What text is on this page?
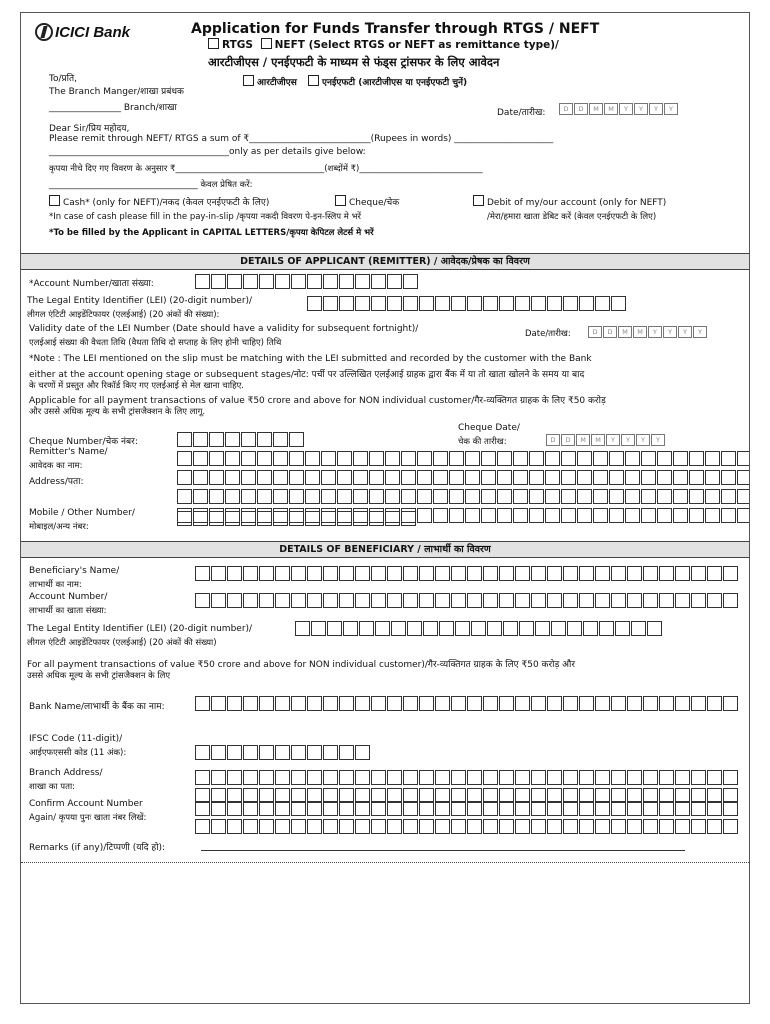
ICICI Bank	Application for Funds Transfer through RTGS / NEFT
RTGS NEFT (Select RTGS or NEFT as remittance type)/
आरटीजीएस / एनईएफटी के माध्यम से फंड्स ट्रांसफर के लिए आवेदन
To/प्रति,
The Branch Manger/शाखा प्रबंधक
आरटीजीएस	एनईएफटी (आरटीजीएस या एनईएफटी चुनें)
________________ Branch/शाखा	Date/तारीख:	D	D	M	M	Y	Y	Y	Y
Dear Sir/प्रिय महोदय,
Please remit through NEFT/ RTGS a sum of ₹___________________________(Rupees in words) ______________________
________________________________________only as per details give below:
कृपया नीचे दिए गए विवरण के अनुसार ₹___________________________________(शब्दोंमें ₹)_____________________________
___________________________________ केवल प्रेषित करें:
Cash* (only for NEFT)/नकद (केवल एनईएफटी के लिए)	Cheque/चेक	Debit of my/our account (only for NEFT)
*In case of cash please fill in the pay-in-slip /कृपया नकदी विवरण पे-इन-स्लिप मे भरें	/मेरा/हमारा खाता डेबिट करें (केवल एनईएफटी के लिए)
*To be filled by the Applicant in CAPITAL LETTERS/कृपया केपिटल लेटर्स मे भरें
DETAILS OF APPLICANT (REMITTER) / आवेदक/प्रेषक का विवरण
*Account Number/खाता संख्या:
The Legal Entity Identifier (LEI) (20-digit number)/
लीगल एंटिटी आइडेंटिफायर (एलईआई) (20 अंकों की संख्या):
Validity date of the LEI Number (Date should have a validity for subsequent fortnight)/
एलईआई संख्या की वैधता तिथि (वैधता तिथि दो सप्ताह के लिए होनी चाहिए) तिथि
Date/तारीख:	D	D	M	M	Y	Y	Y	Y
*Note : The LEI mentioned on the slip must be matching with the LEI submitted and recorded by the customer with the Bank
either at the account opening stage or subsequent stages/नोट: पर्ची पर उल्लिखित एलईआई ग्राहक द्वारा बैंक में या तो खाता खोलने के समय या बाद
के चरणों में प्रस्तुत और रिकॉर्ड किए गए एलईआई से मेल खाना चाहिए.
Applicable for all payment transactions of value ₹50 crore and above for NON individual customer/गैर-व्यक्तिगत ग्राहक के लिए ₹50 करोड़
और उससे अधिक मूल्य के सभी ट्रांसजैक्शन के लिए लागू.
Cheque Date/
चेक की तारीख:	D	D	M	M	Y	Y	Y	Y
Cheque Number/चेक नंबर:
Remitter's Name/
आवेदक का नाम:
Address/पता:
Mobile / Other Number/
मोबाइल/अन्य नंबर:
DETAILS OF BENEFICIARY / लाभार्थी का विवरण
Beneficiary's Name/
लाभार्थी का नाम:
Account Number/
लाभार्थी का खाता संख्या:
The Legal Entity Identifier (LEI) (20-digit number)/
लीगल एंटिटी आइडेंटिफायर (एलईआई) (20 अंकों की संख्या)
For all payment transactions of value ₹50 crore and above for NON individual customer)/गैर-व्यक्तिगत ग्राहक के लिए ₹50 करोड़ और
उससे अधिक मूल्य के सभी ट्रांसजैक्शन के लिए
Bank Name/लाभार्थी के बैंक का नाम:
IFSC Code (11-digit)/
आईएफएससी कोड (11 अंक):
Branch Address/
शाखा का पता:
Confirm Account Number
Again/ कृपया पुनः खाता नंबर लिखें:
Remarks (if any)/टिप्पणी (यदि हो):
